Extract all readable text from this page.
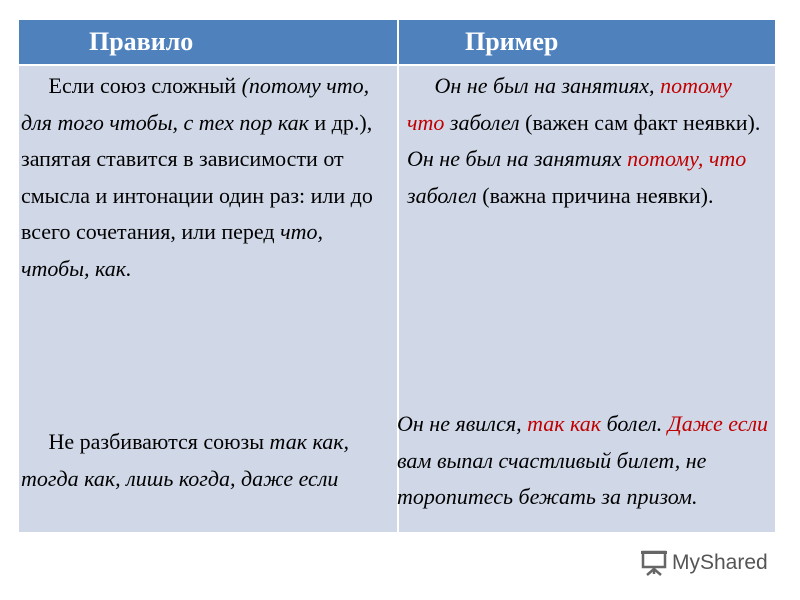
Правило	Пример
Если союз сложный (потому что, для того чтобы, с тех пор как и др.), запятая ставится в зависимости от смысла и интонации один раз: или до всего сочетания, или перед что, чтобы, как.
Он не был на занятиях, потому что заболел (важен сам факт неявки). Он не был на занятиях потому, что заболел (важна причина неявки).
Не разбиваются союзы так как, тогда как, лишь когда, даже если
Он не явился, так как болел. Даже если вам выпал счастливый билет, не торопитесь бежать за призом.
MyShared
